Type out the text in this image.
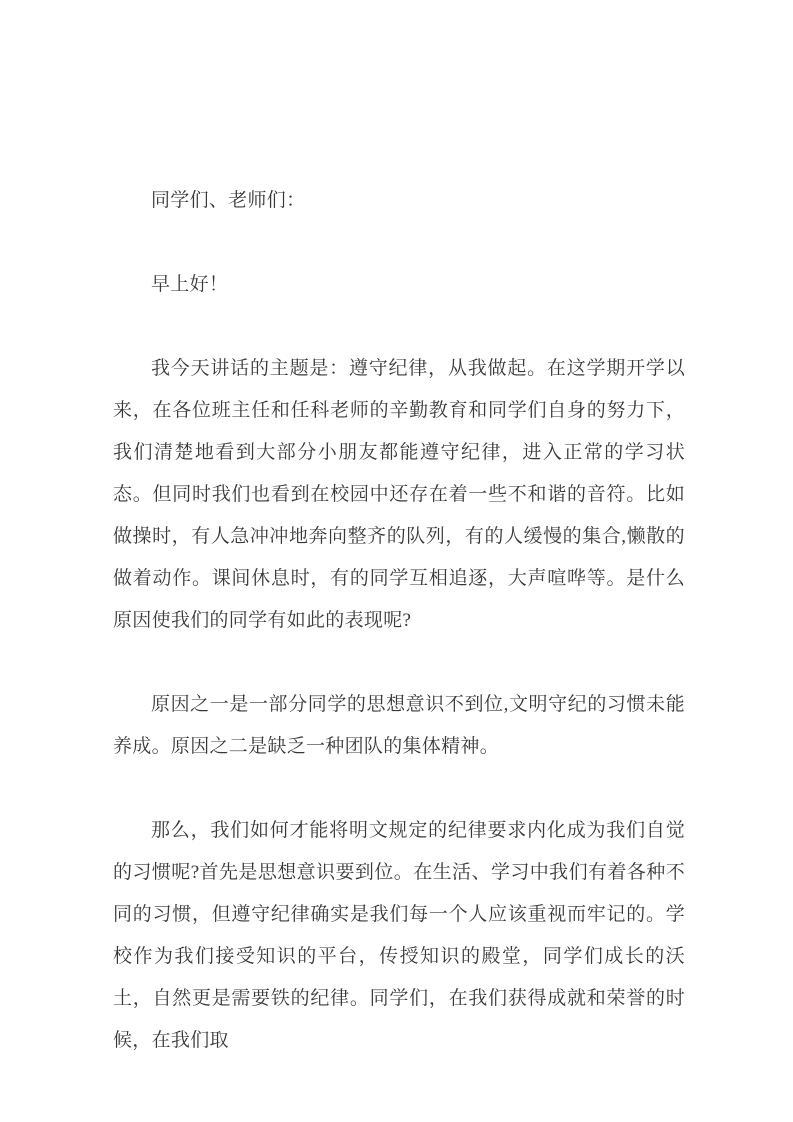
同学们、老师们：

早上好！

我今天讲话的主题是：遵守纪律，从我做起。在这学期开学以来，在各位班主任和任科老师的辛勤教育和同学们自身的努力下，我们清楚地看到大部分小朋友都能遵守纪律，进入正常的学习状态。但同时我们也看到在校园中还存在着一些不和谐的音符。比如做操时，有人急冲冲地奔向整齐的队列，有的人缓慢的集合,懒散的做着动作。课间休息时，有的同学互相追逐，大声喧哗等。是什么原因使我们的同学有如此的表现呢?

原因之一是一部分同学的思想意识不到位,文明守纪的习惯未能养成。原因之二是缺乏一种团队的集体精神。

那么，我们如何才能将明文规定的纪律要求内化成为我们自觉的习惯呢?首先是思想意识要到位。在生活、学习中我们有着各种不同的习惯，但遵守纪律确实是我们每一个人应该重视而牢记的。学校作为我们接受知识的平台，传授知识的殿堂，同学们成长的沃土，自然更是需要铁的纪律。同学们，在我们获得成就和荣誉的时候，在我们取
